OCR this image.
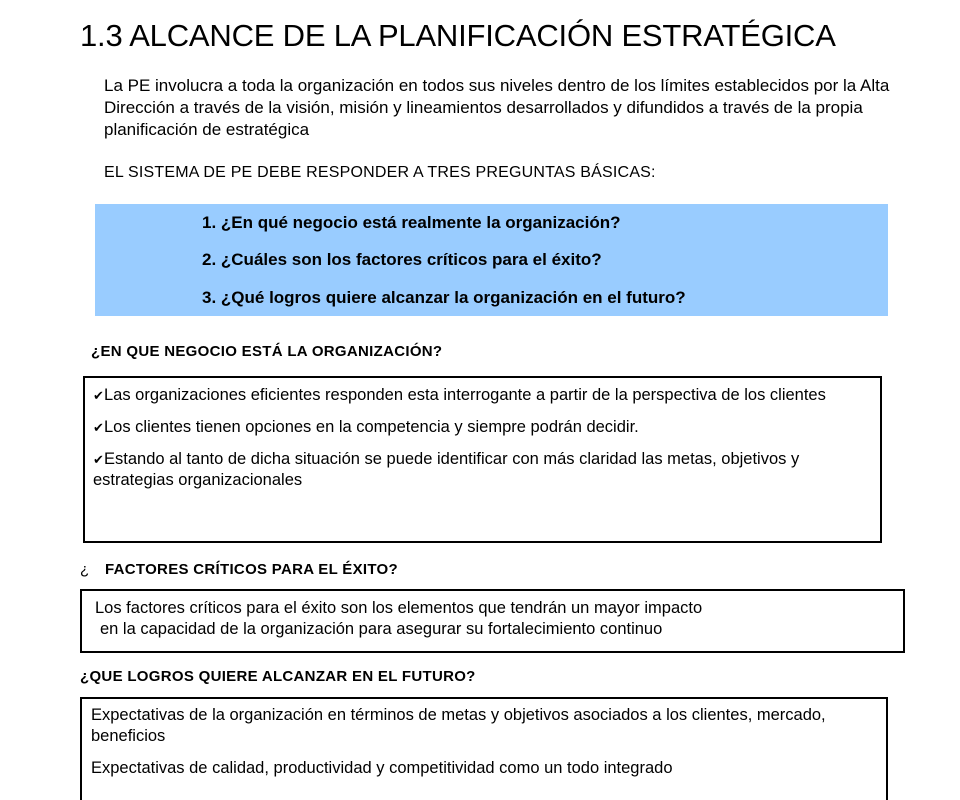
1.3 ALCANCE DE LA PLANIFICACIÓN ESTRATÉGICA
La PE involucra a toda la organización en todos sus niveles dentro de los límites establecidos por la Alta Dirección a través de la visión, misión y lineamientos desarrollados y difundidos a través de la propia planificación de estratégica
EL SISTEMA DE PE DEBE RESPONDER A TRES PREGUNTAS BÁSICAS:
1. ¿En qué negocio está realmente la organización?
2. ¿Cuáles son los factores críticos para el éxito?
3. ¿Qué logros quiere alcanzar la organización en el futuro?
¿EN QUE NEGOCIO ESTÁ LA ORGANIZACIÓN?

✔Las organizaciones eficientes responden esta interrogante a partir de la perspectiva de los clientes

✔Los clientes tienen opciones en la competencia y siempre podrán decidir.

✔Estando al tanto de dicha situación se puede identificar con más claridad las metas, objetivos y estrategias organizacionales

¿ FACTORES CRÍTICOS PARA EL ÉXITO?

Los factores críticos para el éxito son los elementos que tendrán un mayor impacto

en la capacidad de la organización para asegurar su fortalecimiento continuo

¿QUE LOGROS QUIERE ALCANZAR EN EL FUTURO?

Expectativas de la organización en términos de metas y objetivos asociados a los clientes, mercado, beneficios

Expectativas de calidad, productividad y competitividad como un todo integrado
